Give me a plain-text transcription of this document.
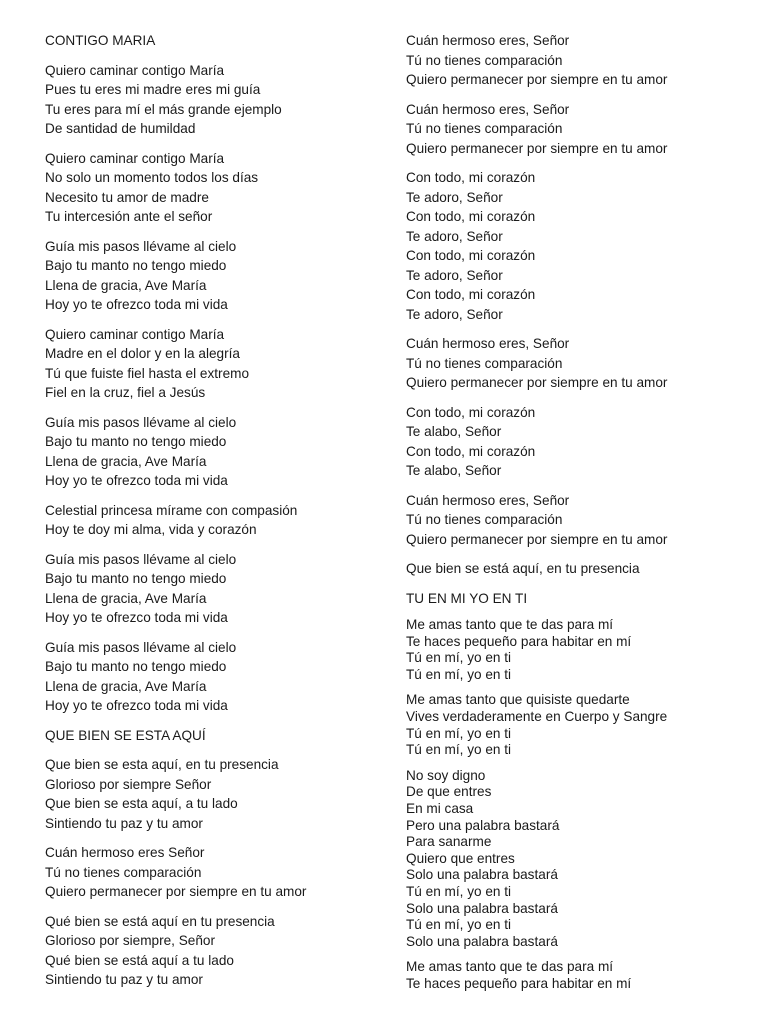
CONTIGO MARIA
Quiero caminar contigo María
Pues tu eres mi madre eres mi guía
Tu eres para mí el más grande ejemplo
De santidad de humildad
Quiero caminar contigo María
No solo un momento todos los días
Necesito tu amor de madre
Tu intercesión ante el señor
Guía mis pasos llévame al cielo
Bajo tu manto no tengo miedo
Llena de gracia, Ave María
Hoy yo te ofrezco toda mi vida
Quiero caminar contigo María
Madre en el dolor y en la alegría
Tú que fuiste fiel hasta el extremo
Fiel en la cruz, fiel a Jesús
Guía mis pasos llévame al cielo
Bajo tu manto no tengo miedo
Llena de gracia, Ave María
Hoy yo te ofrezco toda mi vida
Celestial princesa mírame con compasión
Hoy te doy mi alma, vida y corazón
Guía mis pasos llévame al cielo
Bajo tu manto no tengo miedo
Llena de gracia, Ave María
Hoy yo te ofrezco toda mi vida
Guía mis pasos llévame al cielo
Bajo tu manto no tengo miedo
Llena de gracia, Ave María
Hoy yo te ofrezco toda mi vida
QUE BIEN SE ESTA AQUÍ
Que bien se esta aquí, en tu presencia
Glorioso por siempre Señor
Que bien se esta aquí, a tu lado
Sintiendo tu paz y tu amor
Cuán hermoso eres Señor
Tú no tienes comparación
Quiero permanecer por siempre en tu amor
Qué bien se está aquí en tu presencia
Glorioso por siempre, Señor
Qué bien se está aquí a tu lado
Sintiendo tu paz y tu amor
Cuán hermoso eres, Señor
Tú no tienes comparación
Quiero permanecer por siempre en tu amor
Cuán hermoso eres, Señor
Tú no tienes comparación
Quiero permanecer por siempre en tu amor
Con todo, mi corazón
Te adoro, Señor
Con todo, mi corazón
Te adoro, Señor
Con todo, mi corazón
Te adoro, Señor
Con todo, mi corazón
Te adoro, Señor
Cuán hermoso eres, Señor
Tú no tienes comparación
Quiero permanecer por siempre en tu amor
Con todo, mi corazón
Te alabo, Señor
Con todo, mi corazón
Te alabo, Señor
Cuán hermoso eres, Señor
Tú no tienes comparación
Quiero permanecer por siempre en tu amor
Que bien se está aquí, en tu presencia
TU EN MI YO EN TI
Me amas tanto que te das para mí
Te haces pequeño para habitar en mí
Tú en mí, yo en ti
Tú en mí, yo en ti
Me amas tanto que quisiste quedarte
Vives verdaderamente en Cuerpo y Sangre
Tú en mí, yo en ti
Tú en mí, yo en ti
No soy digno
De que entres
En mi casa
Pero una palabra bastará
Para sanarme
Quiero que entres
Solo una palabra bastará
Tú en mí, yo en ti
Solo una palabra bastará
Tú en mí, yo en ti
Solo una palabra bastará
Me amas tanto que te das para mí
Te haces pequeño para habitar en mí
